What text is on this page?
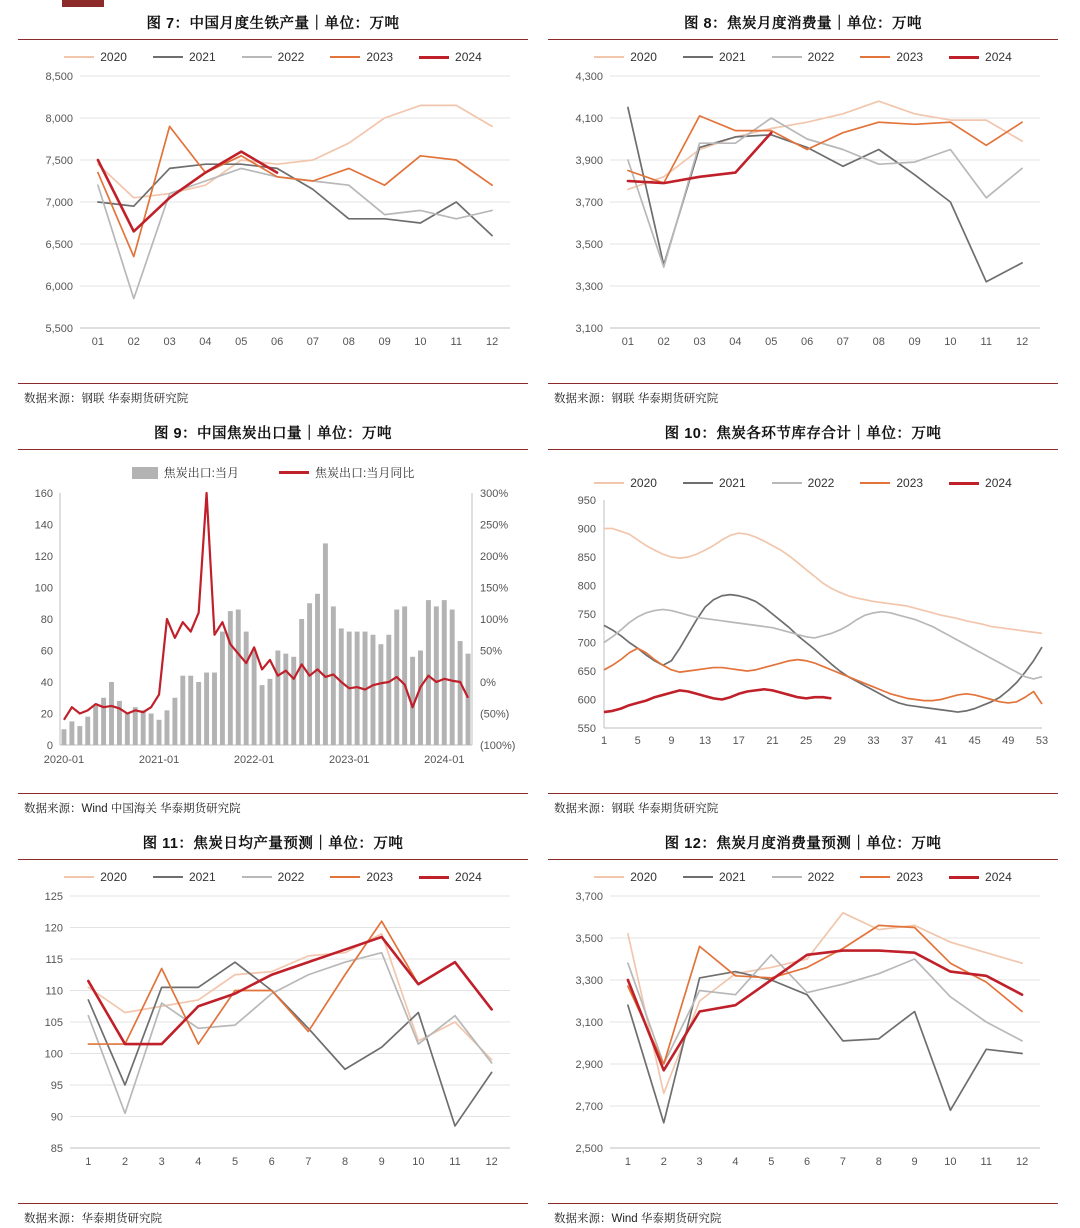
图 7：中国月度生铁产量｜单位：万吨
2020	2021	2022	2023	2024
5,500
6,000
6,500
7,000
7,500
8,000
8,500
01 02 03 04 05 06 07 08 09 10 11 12
数据来源：钢联 华泰期货研究院
图 8：焦炭月度消费量｜单位：万吨
2020	2021	2022	2023	2024
3,100
3,300
3,500
3,700
3,900
4,100
4,300
01 02 03 04 05 06 07 08 09 10 11 12
数据来源：钢联 华泰期货研究院
图 9：中国焦炭出口量｜单位：万吨
焦炭出口:当月	焦炭出口:当月同比
0
20
40
60
80
100
120
140
160
(100%)
(50%)
0%
50%
100%
150%
200%
250%
300%
2020-01	2021-01	2022-01	2023-01	2024-01
数据来源：Wind 中国海关 华泰期货研究院
图 10：焦炭各环节库存合计｜单位：万吨
2020	2021	2022	2023	2024
550
600
650
700
750
800
850
900
950
1	5	9 13 17 21 25 29 33 37 41 45 49 53
数据来源：钢联 华泰期货研究院
图 11：焦炭日均产量预测｜单位：万吨
2020	2021	2022	2023	2024
85
90
95
100
105
110
115
120
125
1	2	3	4	5	6	7	8	9 10 11 12
数据来源：华泰期货研究院
图 12：焦炭月度消费量预测｜单位：万吨
2020	2021	2022	2023	2024
2,500
2,700
2,900
3,100
3,300
3,500
3,700
1	2	3	4	5	6	7	8	9 10 11 12
数据来源：Wind 华泰期货研究院
